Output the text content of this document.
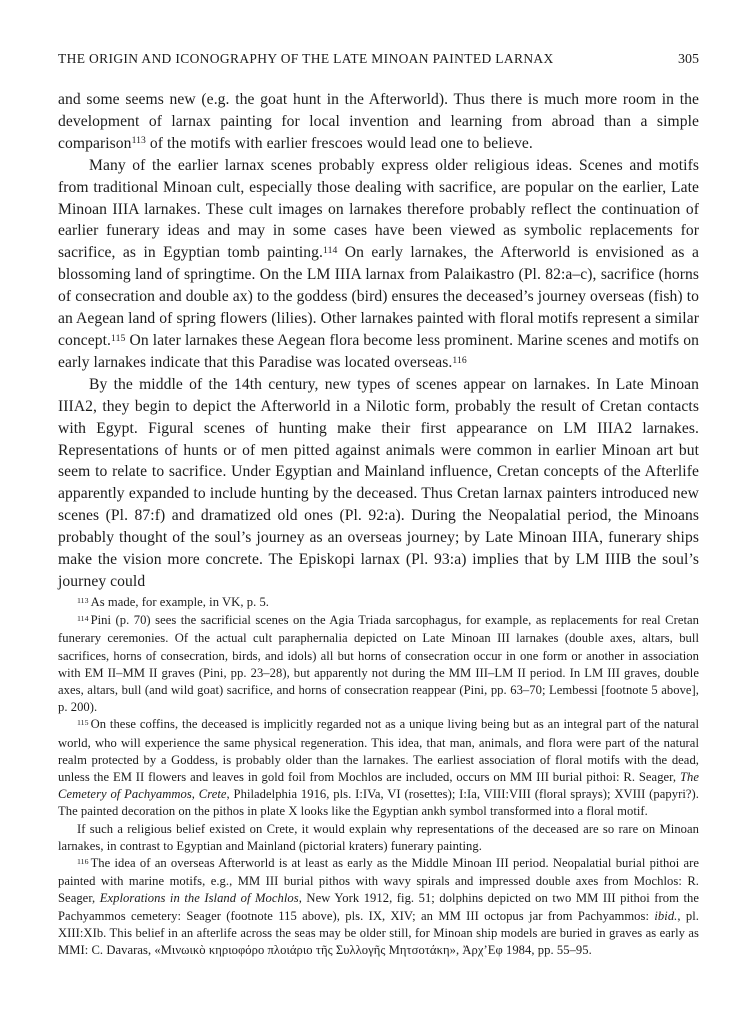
THE ORIGIN AND ICONOGRAPHY OF THE LATE MINOAN PAINTED LARNAX	305

and some seems new (e.g. the goat hunt in the Afterworld). Thus there is much more room in the development of larnax painting for local invention and learning from abroad than a simple comparison$^{113}$ of the motifs with earlier frescoes would lead one to believe.

Many of the earlier larnax scenes probably express older religious ideas. Scenes and motifs from traditional Minoan cult, especially those dealing with sacrifice, are popular on the earlier, Late Minoan IIIA larnakes. These cult images on larnakes therefore probably reflect the continuation of earlier funerary ideas and may in some cases have been viewed as symbolic replacements for sacrifice, as in Egyptian tomb painting.$^{114}$ On early larnakes, the Afterworld is envisioned as a blossoming land of springtime. On the LM IIIA larnax from Palaikastro (Pl. 82:a–c), sacrifice (horns of consecration and double ax) to the goddess (bird) ensures the deceased’s journey overseas (fish) to an Aegean land of spring flowers (lilies). Other larnakes painted with floral motifs represent a similar concept.$^{115}$ On later larnakes these Aegean flora become less prominent. Marine scenes and motifs on early larnakes indicate that this Paradise was located overseas.$^{116}$

By the middle of the 14th century, new types of scenes appear on larnakes. In Late Minoan IIIA2, they begin to depict the Afterworld in a Nilotic form, probably the result of Cretan contacts with Egypt. Figural scenes of hunting make their first appearance on LM IIIA2 larnakes. Representations of hunts or of men pitted against animals were common in earlier Minoan art but seem to relate to sacrifice. Under Egyptian and Mainland influence, Cretan concepts of the Afterlife apparently expanded to include hunting by the deceased. Thus Cretan larnax painters introduced new scenes (Pl. 87:f) and dramatized old ones (Pl. 92:a). During the Neopalatial period, the Minoans probably thought of the soul’s journey as an overseas journey; by Late Minoan IIIA, funerary ships make the vision more concrete. The Episkopi larnax (Pl. 93:a) implies that by LM IIIB the soul’s journey could

$^{113}$ As made, for example, in VK, p. 5.

$^{114}$ Pini (p. 70) sees the sacrificial scenes on the Agia Triada sarcophagus, for example, as replacements for real Cretan funerary ceremonies. Of the actual cult paraphernalia depicted on Late Minoan III larnakes (double axes, altars, bull sacrifices, horns of consecration, birds, and idols) all but horns of consecration occur in one form or another in association with EM II–MM II graves (Pini, pp. 23–28), but apparently not during the MM III–LM II period. In LM III graves, double axes, altars, bull (and wild goat) sacrifice, and horns of consecration reappear (Pini, pp. 63–70; Lembessi [footnote 5 above], p. 200).

$^{115}$ On these coffins, the deceased is implicitly regarded not as a unique living being but as an integral part of the natural world, who will experience the same physical regeneration. This idea, that man, animals, and flora were part of the natural realm protected by a Goddess, is probably older than the larnakes. The earliest association of floral motifs with the dead, unless the EM II flowers and leaves in gold foil from Mochlos are included, occurs on MM III burial pithoi: R. Seager, The Cemetery of Pachyammos, Crete, Philadelphia 1916, pls. I:IVa, VI (rosettes); I:Ia, VIII:VIII (floral sprays); XVIII (papyri?). The painted decoration on the pithos in plate X looks like the Egyptian ankh symbol transformed into a floral motif.

If such a religious belief existed on Crete, it would explain why representations of the deceased are so rare on Minoan larnakes, in contrast to Egyptian and Mainland (pictorial kraters) funerary painting.

$^{116}$ The idea of an overseas Afterworld is at least as early as the Middle Minoan III period. Neopalatial burial pithoi are painted with marine motifs, e.g., MM III burial pithos with wavy spirals and impressed double axes from Mochlos: R. Seager, Explorations in the Island of Mochlos, New York 1912, fig. 51; dolphins depicted on two MM III pithoi from the Pachyammos cemetery: Seager (footnote 115 above), pls. IX, XIV; an MM III octopus jar from Pachyammos: ibid., pl. XIII:XIb. This belief in an afterlife across the seas may be older still, for Minoan ship models are buried in graves as early as MMI: C. Davaras, «Μινωικὸ κηριοφόρο πλοιάριο τῆς Συλλογῆς Μητσοτάκη», Ἀρχ’Εφ 1984, pp. 55–95.
